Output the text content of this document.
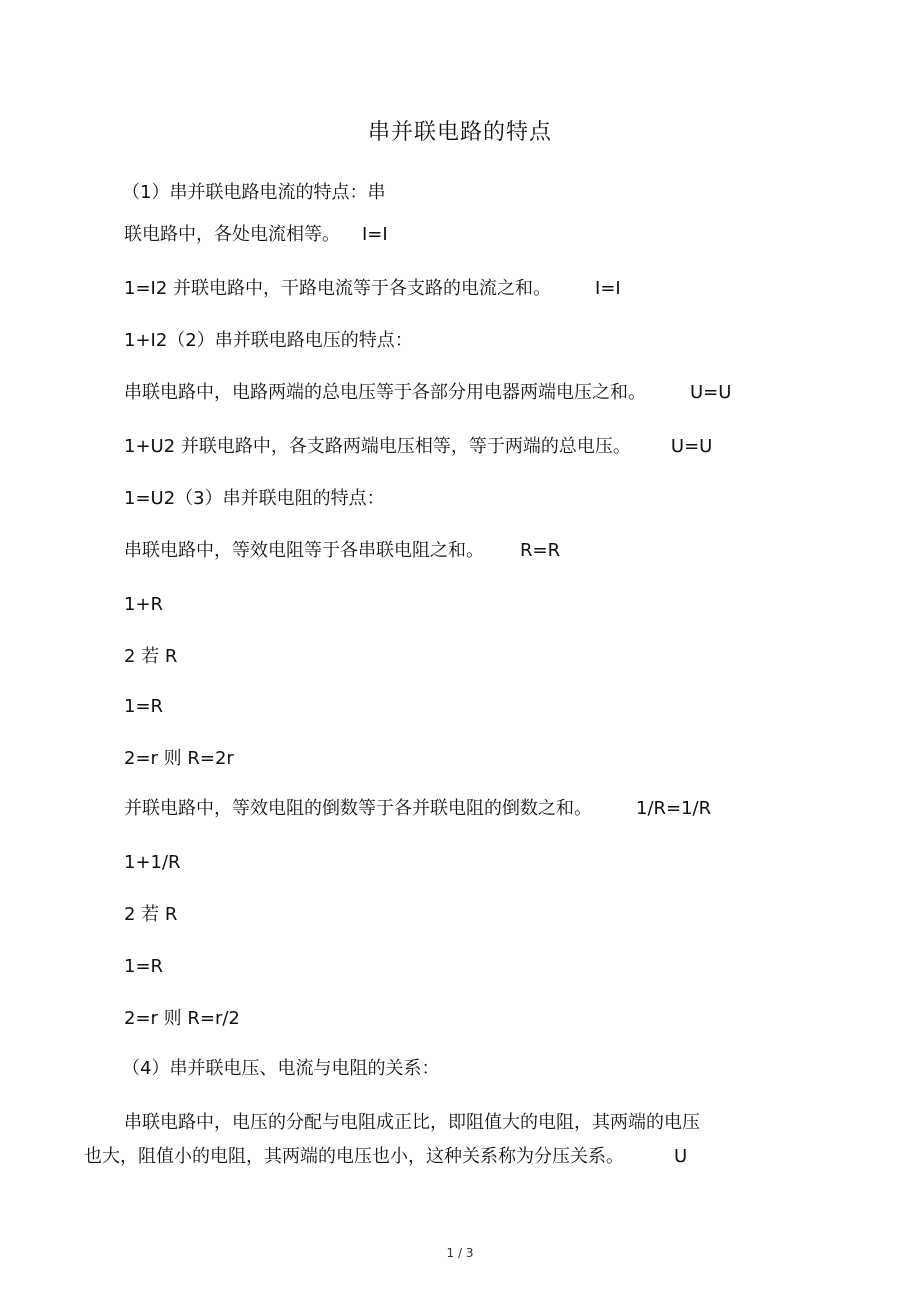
串并联电路的特点
（1）串并联电路电流的特点：串
联电路中，各处电流相等。 I=I
1=I2 并联电路中，干路电流等于各支路的电流之和。 I=I
1+I2（2）串并联电路电压的特点：
串联电路中，电路两端的总电压等于各部分用电器两端电压之和。 U=U
1+U2 并联电路中，各支路两端电压相等，等于两端的总电压。 U=U
1=U2（3）串并联电阻的特点：
串联电路中，等效电阻等于各串联电阻之和。 R=R
1+R
2 若 R
1=R
2=r 则 R=2r
并联电路中，等效电阻的倒数等于各并联电阻的倒数之和。 1/R=1/R
1+1/R
2 若 R
1=R
2=r 则 R=r/2
（4）串并联电压、电流与电阻的关系：
串联电路中，电压的分配与电阻成正比，即阻值大的电阻，其两端的电压
也大，阻值小的电阻，其两端的电压也小，这种关系称为分压关系。	U
1 / 3
